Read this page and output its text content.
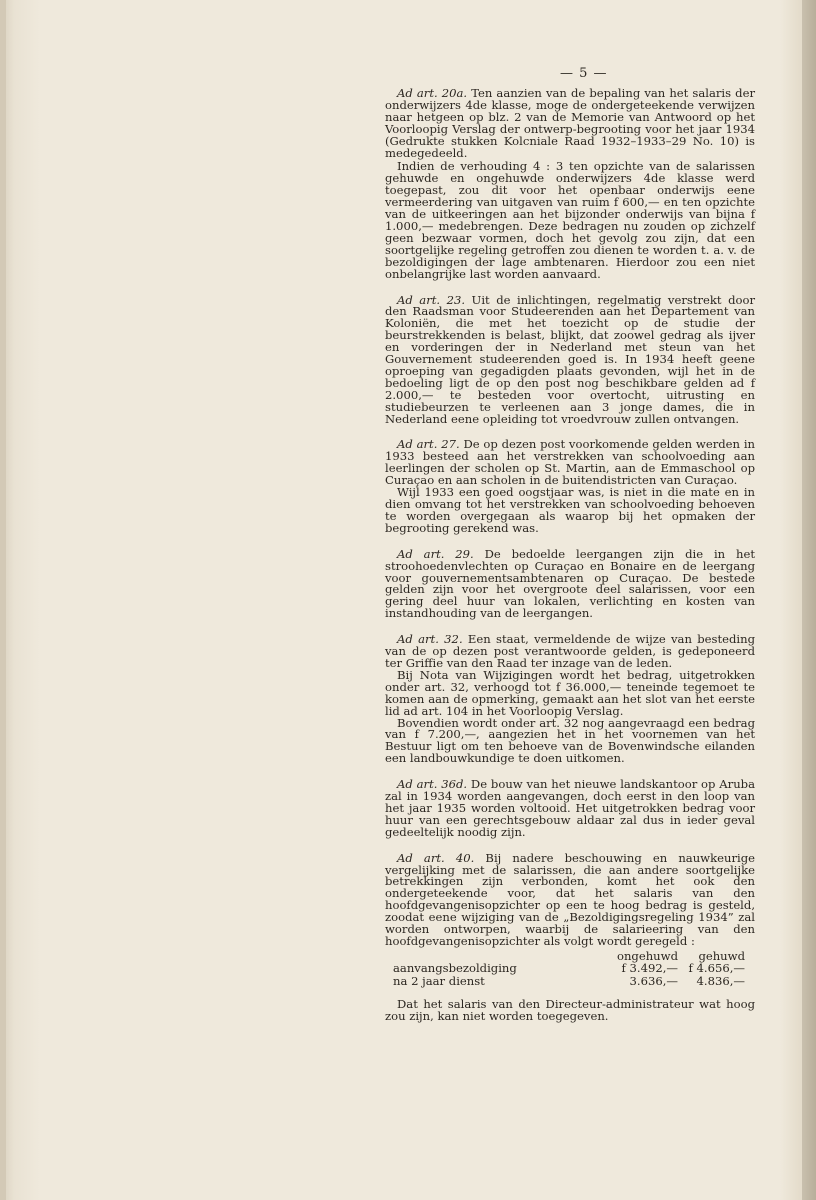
— 5 —

Ad art. 20a. Ten aanzien van de bepaling van het salaris der onderwijzers 4de klasse, moge de ondergeteekende verwijzen naar hetgeen op blz. 2 van de Memorie van Antwoord op het Voorloopig Verslag der ontwerp-begrooting voor het jaar 1934 (Gedrukte stukken Kolcniale Raad 1932–1933–29 No. 10) is medegedeeld.

Indien de verhouding 4 : 3 ten opzichte van de salarissen gehuwde en ongehuwde onderwijzers 4de klasse werd toegepast, zou dit voor het openbaar onderwijs eene vermeerdering van uitgaven van ruim f 600,— en ten opzichte van de uitkeeringen aan het bijzonder onderwijs van bijna f 1.000,— medebrengen. Deze bedragen nu zouden op zichzelf geen bezwaar vormen, doch het gevolg zou zijn, dat een soortgelijke regeling getroffen zou dienen te worden t. a. v. de bezoldigingen der lage ambtenaren. Hierdoor zou een niet onbelangrijke last worden aanvaard.

Ad art. 23. Uit de inlichtingen, regelmatig verstrekt door den Raadsman voor Studeerenden aan het Departement van Koloniën, die met het toezicht op de studie der beurstrekkenden is belast, blijkt, dat zoowel gedrag als ijver en vorderingen der in Nederland met steun van het Gouvernement studeerenden goed is. In 1934 heeft geene oproeping van gegadigden plaats gevonden, wijl het in de bedoeling ligt de op den post nog beschikbare gelden ad f 2.000,— te besteden voor overtocht, uitrusting en studiebeurzen te verleenen aan 3 jonge dames, die in Nederland eene opleiding tot vroedvrouw zullen ontvangen.

Ad art. 27. De op dezen post voorkomende gelden werden in 1933 besteed aan het verstrekken van schoolvoeding aan leerlingen der scholen op St. Martin, aan de Emmaschool op Curaçao en aan scholen in de buitendistricten van Curaçao.

Wijl 1933 een goed oogstjaar was, is niet in die mate en in dien omvang tot het verstrekken van schoolvoeding behoeven te worden overgegaan als waarop bij het opmaken der begrooting gerekend was.

Ad art. 29. De bedoelde leergangen zijn die in het stroohoedenvlechten op Curaçao en Bonaire en de leergang voor gouvernementsambtenaren op Curaçao. De bestede gelden zijn voor het overgroote deel salarissen, voor een gering deel huur van lokalen, verlichting en kosten van instandhouding van de leergangen.

Ad art. 32. Een staat, vermeldende de wijze van besteding van de op dezen post verantwoorde gelden, is gedeponeerd ter Griffie van den Raad ter inzage van de leden.

Bij Nota van Wijzigingen wordt het bedrag, uitgetrokken onder art. 32, verhoogd tot f 36.000,— teneinde tegemoet te komen aan de opmerking, gemaakt aan het slot van het eerste lid ad art. 104 in het Voorloopig Verslag.

Bovendien wordt onder art. 32 nog aangevraagd een bedrag van f 7.200,—, aangezien het in het voornemen van het Bestuur ligt om ten behoeve van de Bovenwindsche eilanden een landbouwkundige te doen uitkomen.

Ad art. 36d. De bouw van het nieuwe landskantoor op Aruba zal in 1934 worden aangevangen, doch eerst in den loop van het jaar 1935 worden voltooid. Het uitgetrokken bedrag voor huur van een gerechtsgebouw aldaar zal dus in ieder geval gedeeltelijk noodig zijn.

Ad art. 40. Bij nadere beschouwing en nauwkeurige vergelijking met de salarissen, die aan andere soortgelijke betrekkingen zijn verbonden, komt het ook den ondergeteekende voor, dat het salaris van den hoofdgevangenisopzichter op een te hoog bedrag is gesteld, zoodat eene wijziging van de „Bezoldigingsregeling 1934” zal worden ontworpen, waarbij de salarieering van den hoofdgevangenisopzichter als volgt wordt geregeld :

	ongehuwd	gehuwd
aanvangsbezoldiging	f 3.492,—	f 4.656,—
na 2 jaar dienst	3.636,—	4.836,—

Dat het salaris van den Directeur-administrateur wat hoog zou zijn, kan niet worden toegegeven.
